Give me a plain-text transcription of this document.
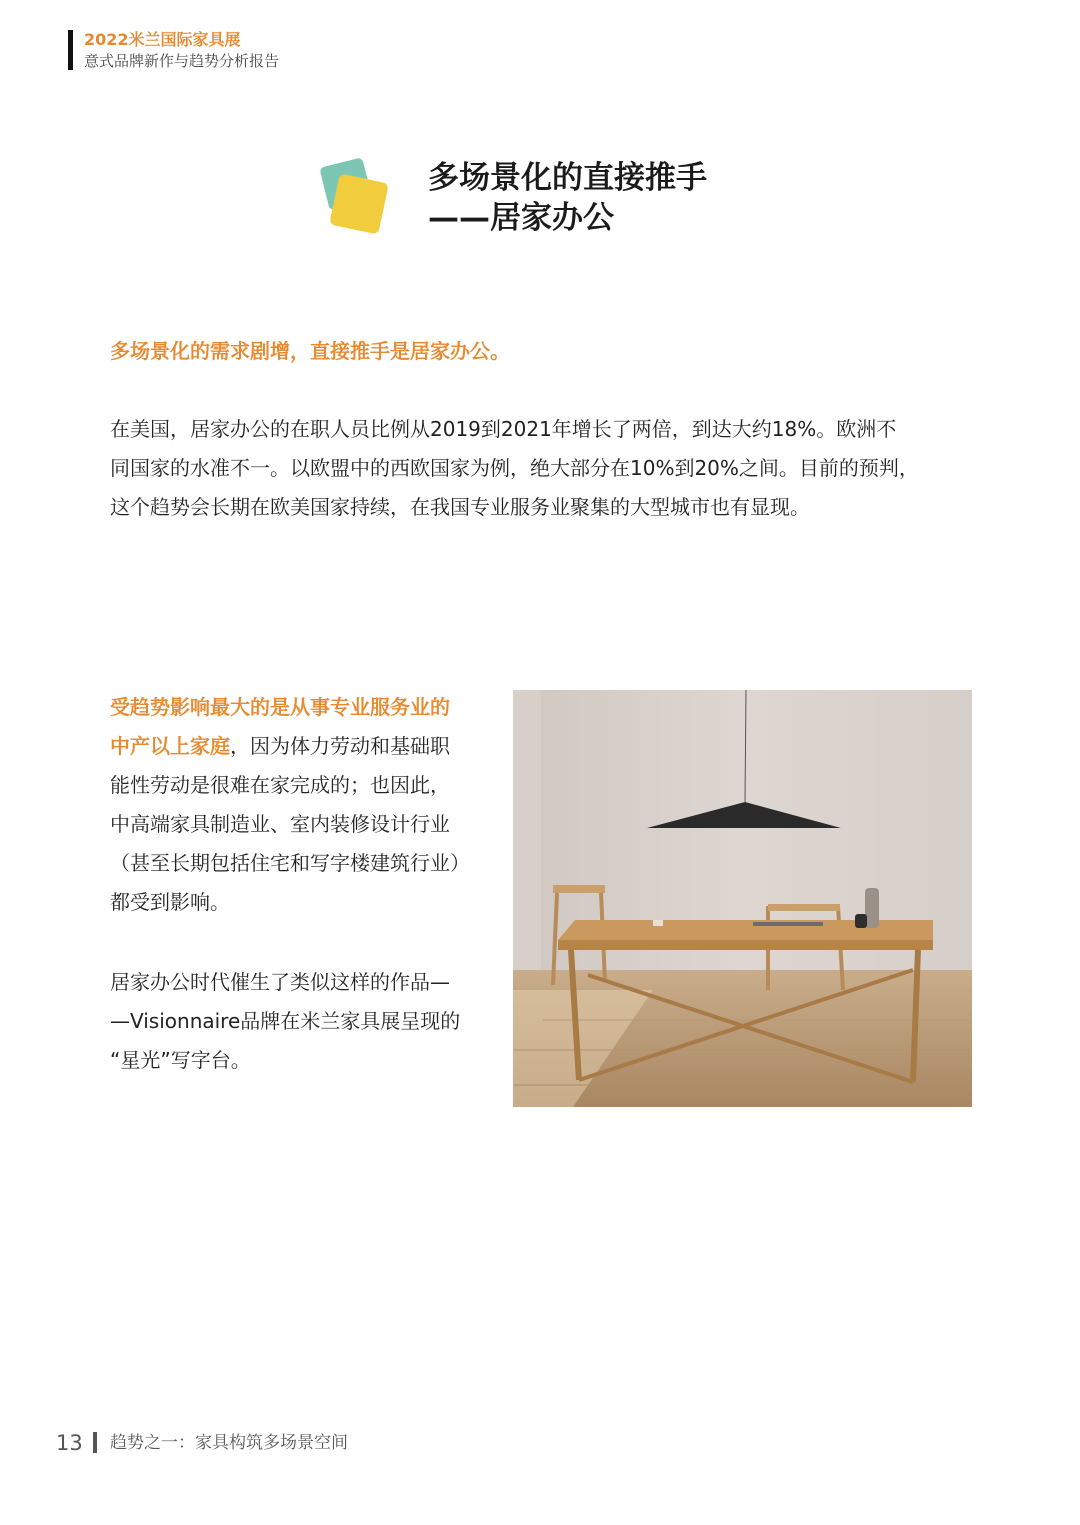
2022米兰国际家具展
意式品牌新作与趋势分析报告
多场景化的直接推手
——居家办公
多场景化的需求剧增，直接推手是居家办公。
在美国，居家办公的在职人员比例从2019到2021年增长了两倍，到达大约18%。欧洲不
同国家的水准不一。以欧盟中的西欧国家为例，绝大部分在10%到20%之间。目前的预判，
这个趋势会长期在欧美国家持续，在我国专业服务业聚集的大型城市也有显现。
受趋势影响最大的是从事专业服务业的
中产以上家庭，因为体力劳动和基础职
能性劳动是很难在家完成的；也因此，
中高端家具制造业、室内装修设计行业
（甚至长期包括住宅和写字楼建筑行业）
都受到影响。
居家办公时代催生了类似这样的作品—
—Visionnaire品牌在米兰家具展呈现的
“星光”写字台。
13 趋势之一：家具构筑多场景空间
